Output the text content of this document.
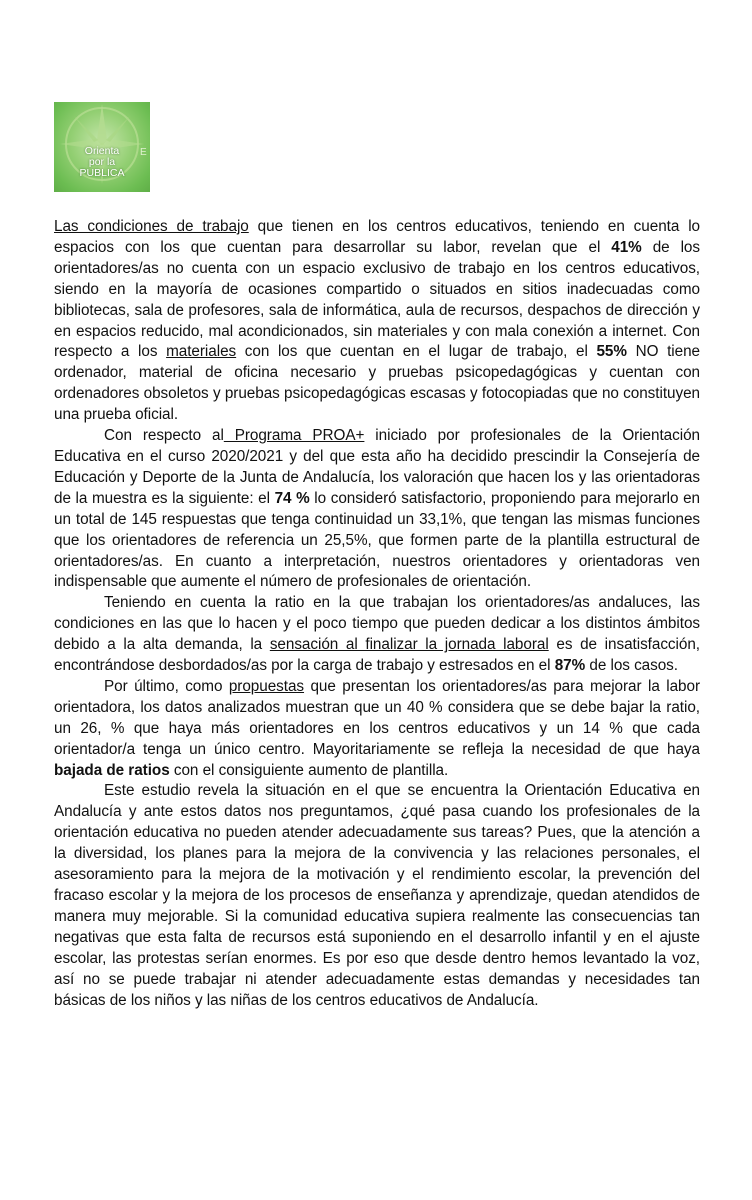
E
Orienta
por la
PUBLICA

Las condiciones de trabajo que tienen en los centros educativos, teniendo en cuenta lo espacios con los que cuentan para desarrollar su labor, revelan que el 41% de los orientadores/as no cuenta con un espacio exclusivo de trabajo en los centros educativos, siendo en la mayoría de ocasiones compartido o situados en sitios inadecuadas como bibliotecas, sala de profesores, sala de informática, aula de recursos, despachos de dirección y en espacios reducido, mal acondicionados, sin materiales y con mala conexión a internet. Con respecto a los materiales con los que cuentan en el lugar de trabajo, el 55% NO tiene ordenador, material de oficina necesario y pruebas psicopedagógicas y cuentan con ordenadores obsoletos y pruebas psicopedagógicas escasas y fotocopiadas que no constituyen una prueba oficial.

Con respecto al Programa PROA+ iniciado por profesionales de la Orientación Educativa en el curso 2020/2021 y del que esta año ha decidido prescindir la Consejería de Educación y Deporte de la Junta de Andalucía, los valoración que hacen los y las orientadoras de la muestra es la siguiente: el 74 % lo consideró satisfactorio, proponiendo para mejorarlo en un total de 145 respuestas que tenga continuidad un 33,1%, que tengan las mismas funciones que los orientadores de referencia un 25,5%, que formen parte de la plantilla estructural de orientadores/as. En cuanto a interpretación, nuestros orientadores y orientadoras ven indispensable que aumente el número de profesionales de orientación.

Teniendo en cuenta la ratio en la que trabajan los orientadores/as andaluces, las condiciones en las que lo hacen y el poco tiempo que pueden dedicar a los distintos ámbitos debido a la alta demanda, la sensación al finalizar la jornada laboral es de insatisfacción, encontrándose desbordados/as por la carga de trabajo y estresados en el 87% de los casos.

Por último, como propuestas que presentan los orientadores/as para mejorar la labor orientadora, los datos analizados muestran que un 40 % considera que se debe bajar la ratio, un 26, % que haya más orientadores en los centros educativos y un 14 % que cada orientador/a tenga un único centro. Mayoritariamente se refleja la necesidad de que haya bajada de ratios con el consiguiente aumento de plantilla.

Este estudio revela la situación en el que se encuentra la Orientación Educativa en Andalucía y ante estos datos nos preguntamos, ¿qué pasa cuando los profesionales de la orientación educativa no pueden atender adecuadamente sus tareas? Pues, que la atención a la diversidad, los planes para la mejora de la convivencia y las relaciones personales, el asesoramiento para la mejora de la motivación y el rendimiento escolar, la prevención del fracaso escolar y la mejora de los procesos de enseñanza y aprendizaje, quedan atendidos de manera muy mejorable. Si la comunidad educativa supiera realmente las consecuencias tan negativas que esta falta de recursos está suponiendo en el desarrollo infantil y en el ajuste escolar, las protestas serían enormes. Es por eso que desde dentro hemos levantado la voz, así no se puede trabajar ni atender adecuadamente estas demandas y necesidades tan básicas de los niños y las niñas de los centros educativos de Andalucía.
